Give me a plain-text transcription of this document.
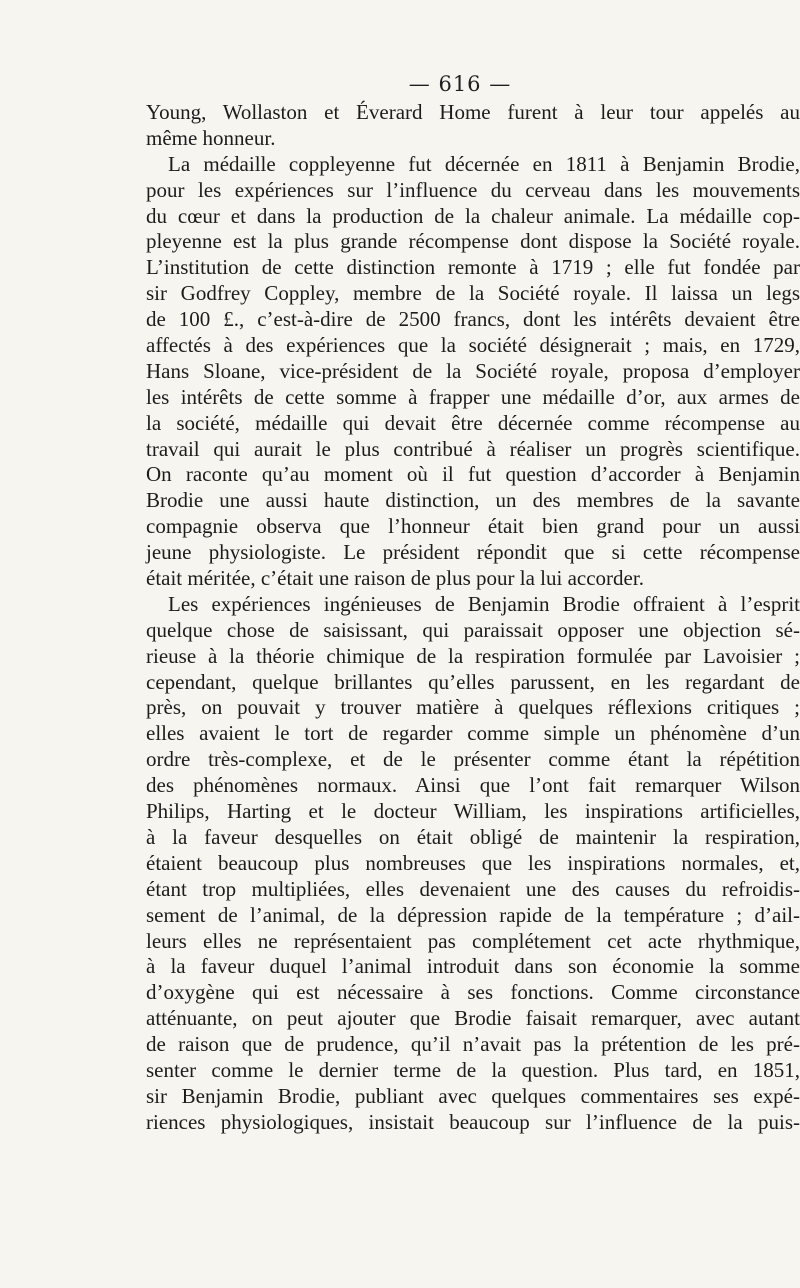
— 616 —
Young, Wollaston et Éverard Home furent à leur tour appelés au
même honneur.
La médaille coppleyenne fut décernée en 1811 à Benjamin Brodie,
pour les expériences sur l’influence du cerveau dans les mouvements
du cœur et dans la production de la chaleur animale. La médaille cop-
pleyenne est la plus grande récompense dont dispose la Société royale.
L’institution de cette distinction remonte à 1719 ; elle fut fondée par
sir Godfrey Coppley, membre de la Société royale. Il laissa un legs
de 100 £., c’est-à-dire de 2500 francs, dont les intérêts devaient être
affectés à des expériences que la société désignerait ; mais, en 1729,
Hans Sloane, vice-président de la Société royale, proposa d’employer
les intérêts de cette somme à frapper une médaille d’or, aux armes de
la société, médaille qui devait être décernée comme récompense au
travail qui aurait le plus contribué à réaliser un progrès scientifique.
On raconte qu’au moment où il fut question d’accorder à Benjamin
Brodie une aussi haute distinction, un des membres de la savante
compagnie observa que l’honneur était bien grand pour un aussi
jeune physiologiste. Le président répondit que si cette récompense
était méritée, c’était une raison de plus pour la lui accorder.
Les expériences ingénieuses de Benjamin Brodie offraient à l’esprit
quelque chose de saisissant, qui paraissait opposer une objection sé-
rieuse à la théorie chimique de la respiration formulée par Lavoisier ;
cependant, quelque brillantes qu’elles parussent, en les regardant de
près, on pouvait y trouver matière à quelques réflexions critiques ;
elles avaient le tort de regarder comme simple un phénomène d’un
ordre très-complexe, et de le présenter comme étant la répétition
des phénomènes normaux. Ainsi que l’ont fait remarquer Wilson
Philips, Harting et le docteur William, les inspirations artificielles,
à la faveur desquelles on était obligé de maintenir la respiration,
étaient beaucoup plus nombreuses que les inspirations normales, et,
étant trop multipliées, elles devenaient une des causes du refroidis-
sement de l’animal, de la dépression rapide de la température ; d’ail-
leurs elles ne représentaient pas complétement cet acte rhythmique,
à la faveur duquel l’animal introduit dans son économie la somme
d’oxygène qui est nécessaire à ses fonctions. Comme circonstance
atténuante, on peut ajouter que Brodie faisait remarquer, avec autant
de raison que de prudence, qu’il n’avait pas la prétention de les pré-
senter comme le dernier terme de la question. Plus tard, en 1851,
sir Benjamin Brodie, publiant avec quelques commentaires ses expé-
riences physiologiques, insistait beaucoup sur l’influence de la puis-
